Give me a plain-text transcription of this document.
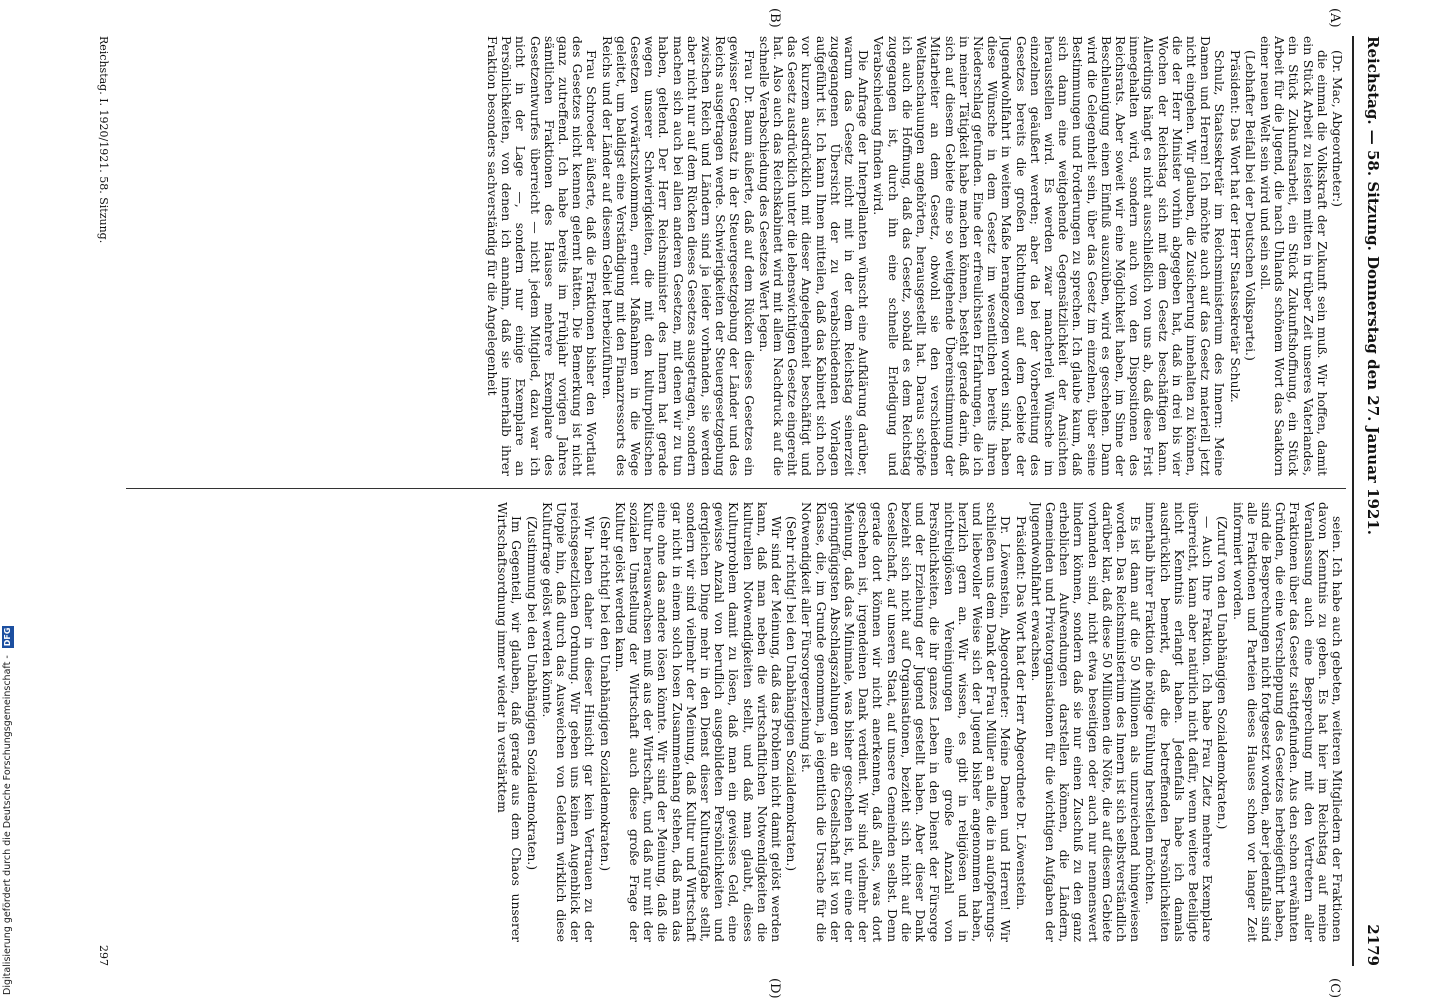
Reichstag. — 58. Sitzung. Donnerstag den 27. Januar 1921.
2179
(A)
(B)
(C)
(D)

(Dr. Mac, Abgeordneter:)

die einmal die Volkskraft der Zukunft sein muß. Wir hoffen, damit ein Stück Arbeit zu leisten mitten in trüber Zeit unseres Vaterlandes, ein Stück Zukunftsarbeit, ein Stück Zukunftshoffnung, ein Stück Arbeit für die Jugend, die nach Uhlands schönem Wort das Saatkorn einer neuen Welt sein wird und sein soll.

(Lebhafter Beifall bei der Deutschen Volkspartei.)

Präsident: Das Wort hat der Herr Staatssekretär Schulz.

Schulz, Staatssekretär im Reichsministerium des Innern: Meine Damen und Herren! Ich möchte auch auf das Gesetz materiell jetzt nicht eingehen. Wir glauben, die Zusicherung innehalten zu können, die der Herr Minister vorhin abgegeben hat, daß in drei bis vier Wochen der Reichstag sich mit dem Gesetz beschäftigen kann. Allerdings hängt es nicht ausschließlich von uns ab, daß diese Frist innegehalten wird, sondern auch von den Dispositionen des Reichsrats. Aber soweit wir eine Möglichkeit haben, im Sinne der Beschleunigung einen Einfluß auszuüben, wird es geschehen. Dann wird die Gelegenheit sein, über das Gesetz im einzelnen, über seine Bestimmungen und Forderungen zu sprechen. Ich glaube kaum, daß sich dann eine weitgehende Gegensätzlichkeit der Ansichten herausstellen wird. Es werden zwar mancherlei Wünsche im einzelnen geäußert werden; aber da bei der Vorbereitung des Gesetzes bereits die großen Richtungen auf dem Gebiete der Jugendwohlfahrt in weitem Maße herangezogen worden sind, haben diese Wünsche in dem Gesetz im wesentlichen bereits ihren Niederschlag gefunden. Eine der erfreulichsten Erfahrungen, die ich in meiner Tätigkeit habe machen können, besteht gerade darin, daß sich auf diesem Gebiete eine so weitgehende Übereinstimmung der Mitarbeiter an dem Gesetz, obwohl sie den verschiedenen Weltanschauungen angehörten, herausgestellt hat. Daraus schöpfe ich auch die Hoffnung, daß das Gesetz, sobald es dem Reichstag zugegangen ist, durch ihn eine schnelle Erledigung und Verabschiedung finden wird.

Die Anfrage der Interpellanten wünscht eine Aufklärung darüber, warum das Gesetz nicht mit in der dem Reichstag seinerzeit zugegangenen Übersicht der zu verabschiedenden Vorlagen aufgeführt ist. Ich kann Ihnen mitteilen, daß das Kabinett sich noch vor kurzem ausdrücklich mit dieser Angelegenheit beschäftigt und das Gesetz ausdrücklich unter die lebenswichtigen Gesetze eingereiht hat. Also auch das Reichskabinett wird mit allem Nachdruck auf die schnelle Verabschiedung des Gesetzes Wert legen.

Frau Dr. Baum äußerte, daß auf dem Rücken dieses Gesetzes ein gewisser Gegensatz in der Steuergesetzgebung der Länder und des Reichs ausgetragen werde. Schwierigkeiten der Steuergesetzgebung zwischen Reich und Ländern sind ja leider vorhanden, sie werden aber nicht nur auf dem Rücken dieses Gesetzes ausgetragen, sondern machen sich auch bei allen anderen Gesetzen, mit denen wir zu tun haben, geltend. Der Herr Reichsminister des Innern hat gerade wegen unserer Schwierigkeiten, die mit den kulturpolitischen Gesetzen vorwärtszukommen, erneut Maßnahmen in die Wege geleitet, um baldigst eine Verständigung mit den Finanzressorts des Reichs und der Länder auf diesem Gebiet herbeizuführen.

Frau Schroeder äußerte, daß die Fraktionen bisher den Wortlaut des Gesetzes nicht kennen gelernt hätten. Die Bemerkung ist nicht ganz zutreffend. Ich habe bereits im Frühjahr vorigen Jahres sämtlichen Fraktionen des Hauses mehrere Exemplare des Gesetzentwurfes überreicht — nicht jedem Mitglied, dazu war ich nicht in der Lage —, sondern nur einige Exemplare an Persönlichkeiten, von denen ich annahm, daß sie innerhalb ihrer Fraktion besonders sachverständig für die Angelegenheit

seien. Ich habe auch gebeten, weiteren Mitgliedern der Fraktionen davon Kenntnis zu geben. Es hat hier im Reichstag auf meine Veranlassung auch eine Besprechung mit den Vertretern aller Fraktionen über das Gesetz stattgefunden. Aus den schon erwähnten Gründen, die eine Verschleppung des Gesetzes herbeigeführt haben, sind die Besprechungen nicht fortgesetzt worden, aber jedenfalls sind alle Fraktionen und Parteien dieses Hauses schon vor langer Zeit informiert worden.

(Zuruf von den Unabhängigen Sozialdemokraten.)

— Auch Ihre Fraktion. Ich habe Frau Zietz mehrere Exemplare überreicht, kann aber natürlich nicht dafür, wenn weitere Beteiligte nicht Kenntnis erlangt haben. Jedenfalls habe ich damals ausdrücklich bemerkt, daß die betreffenden Persönlichkeiten innerhalb ihrer Fraktion die nötige Fühlung herstellen möchten.

Es ist dann auf die 50 Millionen als unzureichend hingewiesen worden. Das Reichsministerium des Innern ist sich selbstverständlich darüber klar, daß diese 50 Millionen die Nöte, die auf diesem Gebiete vorhanden sind, nicht etwa beseitigen oder auch nur nennenswert lindern können, sondern daß sie nur einen Zuschuß zu den ganz erheblichen Aufwendungen darstellen können, die Ländern, Gemeinden und Privatorganisationen für die wichtigen Aufgaben der Jugendwohlfahrt erwachsen.

Präsident: Das Wort hat der Herr Abgeordnete Dr. Löwenstein.

Dr. Löwenstein, Abgeordneter: Meine Damen und Herren! Wir schließen uns dem Dank der Frau Müller an alle, die in aufopferungs- und liebevoller Weise sich der Jugend bisher angenommen haben, herzlich gern an. Wir wissen, es gibt in religiösen und in nichtreligiösen Vereinigungen eine große Anzahl von Persönlichkeiten, die ihr ganzes Leben in den Dienst der Fürsorge und der Erziehung der Jugend gestellt haben. Aber dieser Dank bezieht sich nicht auf Organisationen, bezieht sich nicht auf die Gesellschaft, auf unseren Staat, auf unsere Gemeinden selbst. Denn gerade dort können wir nicht anerkennen, daß alles, was dort geschehen ist, irgendeinen Dank verdient. Wir sind vielmehr der Meinung, daß das Minimale, was bisher geschehen ist, nur eine der geringfügigsten Abschlagszahlungen an die Gesellschaft ist von der Klasse, die, im Grunde genommen, ja eigentlich die Ursache für die Notwendigkeit aller Fürsorgeerziehung ist.

(Sehr richtig! bei den Unabhängigen Sozialdemokraten.)

Wir sind der Meinung, daß das Problem nicht damit gelöst werden kann, daß man neben die wirtschaftlichen Notwendigkeiten die kulturellen Notwendigkeiten stellt, und daß man glaubt, dieses Kulturproblem damit zu lösen, daß man ein gewisses Geld, eine gewisse Anzahl von beruflich ausgebildeten Persönlichkeiten und dergleichen Dinge mehr in den Dienst dieser Kulturaufgabe stellt, sondern wir sind vielmehr der Meinung, daß Kultur und Wirtschaft gar nicht in einem solch losen Zusammenhang stehen, daß man das eine ohne das andere lösen könnte. Wir sind der Meinung, daß die Kultur herauswachsen muß aus der Wirtschaft, und daß nur mit der sozialen Umstellung der Wirtschaft auch diese große Frage der Kultur gelöst werden kann.

(Sehr richtig! bei den Unabhängigen Sozialdemokraten.)

Wir haben daher in dieser Hinsicht gar kein Vertrauen zu der reichsgesetzlichen Ordnung. Wir geben uns keinen Augenblick der Utopie hin, daß durch das Ausweichen von Geldern wirklich diese Kulturfrage gelöst werden könnte.

(Zustimmung bei den Unabhängigen Sozialdemokraten.)

Im Gegenteil, wir glauben, daß gerade aus dem Chaos unserer Wirtschaftsordnung immer wieder in verstärktem

Reichstag. I. 1920/1921. 58. Sitzung.
297
Digitalisierung gefördert durch die Deutsche Forschungsgemeinschaft - DFG
